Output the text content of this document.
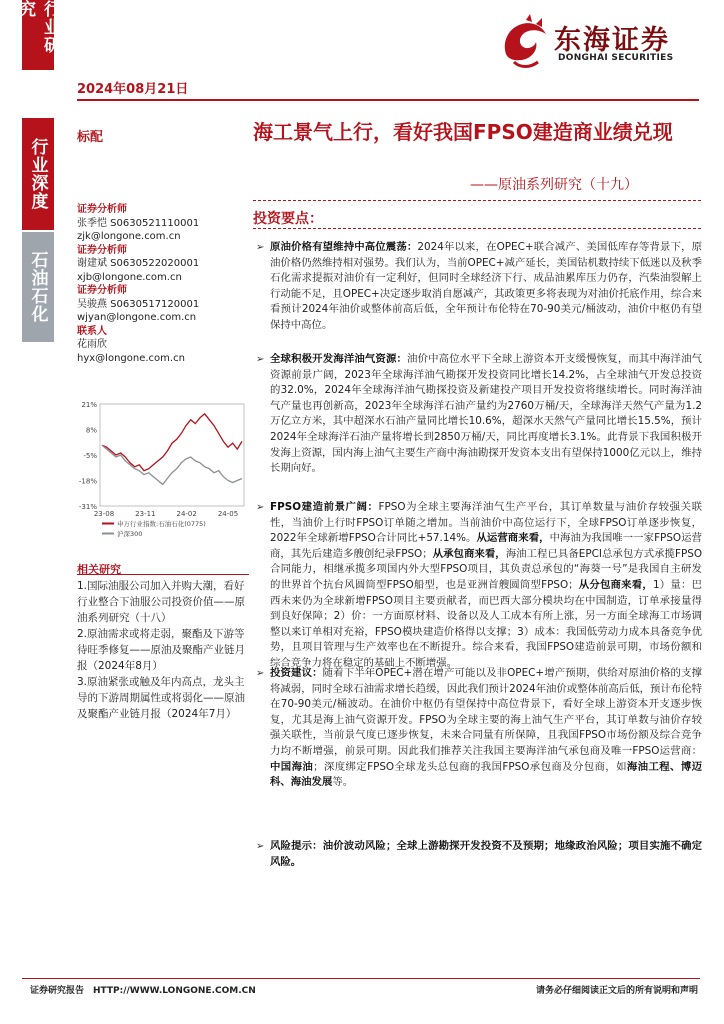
行业研究
行业深度
石油石化
2024年08月21日
东海证券
DONGHAI SECURITIES
标配	海工景气上行，看好我国FPSO建造商业绩兑现
——原油系列研究（十九）
证券分析师
张季恺 S0630521110001
zjk@longone.com.cn
证券分析师
谢建斌 S0630522020001
xjb@longone.com.cn
证券分析师
吴骏燕 S0630517120001
wjyan@longone.com.cn
联系人
花雨欣
hyx@longone.com.cn
21%
8%
-5%
-18%
-31%
23-08	23-11	24-02	24-05
申万行业指数:石油石化(0775)
沪深300
相关研究
1.国际油服公司加入并购大潮，看好行业整合下油服公司投资价值——原油系列研究（十八）
2.原油需求或将走弱，聚酯及下游等待旺季修复——原油及聚酯产业链月报（2024年8月）
3.原油紧张或触及年内高点，龙头主导的下游周期属性或将弱化——原油及聚酯产业链月报（2024年7月）
投资要点：
➢ 原油价格有望维持中高位震荡：2024年以来，在OPEC+联合减产、美国低库存等背景下，原油价格仍然维持相对强势。我们认为，当前OPEC+减产延长，美国钻机数持续下低迷以及秋季石化需求提振对油价有一定利好，但同时全球经济下行、成品油累库压力仍存，汽柴油裂解上行动能不足，且OPEC+决定逐步取消自愿减产，其政策更多将表现为对油价托底作用，综合来看预计2024年油价或整体前高后低，全年预计布伦特在70-90美元/桶波动，油价中枢仍有望保持中高位。
➢ 全球积极开发海洋油气资源：油价中高位水平下全球上游资本开支缓慢恢复，而其中海洋油气资源前景广阔，2023年全球海洋油气勘探开发投资同比增长14.2%，占全球油气开发总投资的32.0%，2024年全球海洋油气勘探投资及新建投产项目开发投资将继续增长。同时海洋油气产量也再创新高，2023年全球海洋石油产量约为2760万桶/天，全球海洋天然气产量为1.2万亿立方米，其中超深水石油产量同比增长10.6%，超深水天然气产量同比增长15.5%，预计2024年全球海洋石油产量将增长到2850万桶/天，同比再度增长3.1%。此背景下我国积极开发海上资源，国内海上油气主要生产商中海油勘探开发资本支出有望保持1000亿元以上，维持长期向好。
➢ FPSO建造前景广阔：FPSO为全球主要海洋油气生产平台，其订单数量与油价存较强关联性，当油价上行时FPSO订单随之增加。当前油价中高位运行下，全球FPSO订单逐步恢复，2022年全球新增FPSO合计同比+57.14%。从运营商来看，中海油为我国唯一一家FPSO运营商，其先后建造多艘创纪录FPSO；从承包商来看，海油工程已具备EPCI总承包方式承揽FPSO合同能力，相继承揽多项国内外大型FPSO项目，其负责总承包的“海葵一号”是我国自主研发的世界首个抗台风圆筒型FPSO船型，也是亚洲首艘圆筒型FPSO；从分包商来看，1）量：巴西未来仍为全球新增FPSO项目主要贡献者，而巴西大部分模块均在中国制造，订单承接量得到良好保障；2）价：一方面原材料、设备以及人工成本有所上涨，另一方面全球海工市场调整以来订单相对充裕，FPSO模块建造价格得以支撑；3）成本：我国低劳动力成本具备竞争优势，且项目管理与生产效率也在不断提升。综合来看，我国FPSO建造前景可期，市场份额和综合竞争力将在稳定的基础上不断增强。
➢ 投资建议：随着下半年OPEC+潜在增产可能以及非OPEC+增产预期，供给对原油价格的支撑将减弱，同时全球石油需求增长趋缓，因此我们预计2024年油价或整体前高后低，预计布伦特在70-90美元/桶波动。在油价中枢仍有望保持中高位背景下，看好全球上游资本开支逐步恢复，尤其是海上油气资源开发。FPSO为全球主要的海上油气生产平台，其订单数与油价存较强关联性，当前景气度已逐步恢复，未来合同量有所保障，且我国FPSO市场份额及综合竞争力均不断增强，前景可期。因此我们推荐关注我国主要海洋油气承包商及唯一FPSO运营商：中国海油；深度绑定FPSO全球龙头总包商的我国FPSO承包商及分包商，如海油工程、博迈科、海油发展等。
➢ 风险提示：油价波动风险；全球上游勘探开发投资不及预期；地缘政治风险；项目实施不确定风险。
证券研究报告　HTTP://WWW.LONGONE.COM.CN	请务必仔细阅读正文后的所有说明和声明
